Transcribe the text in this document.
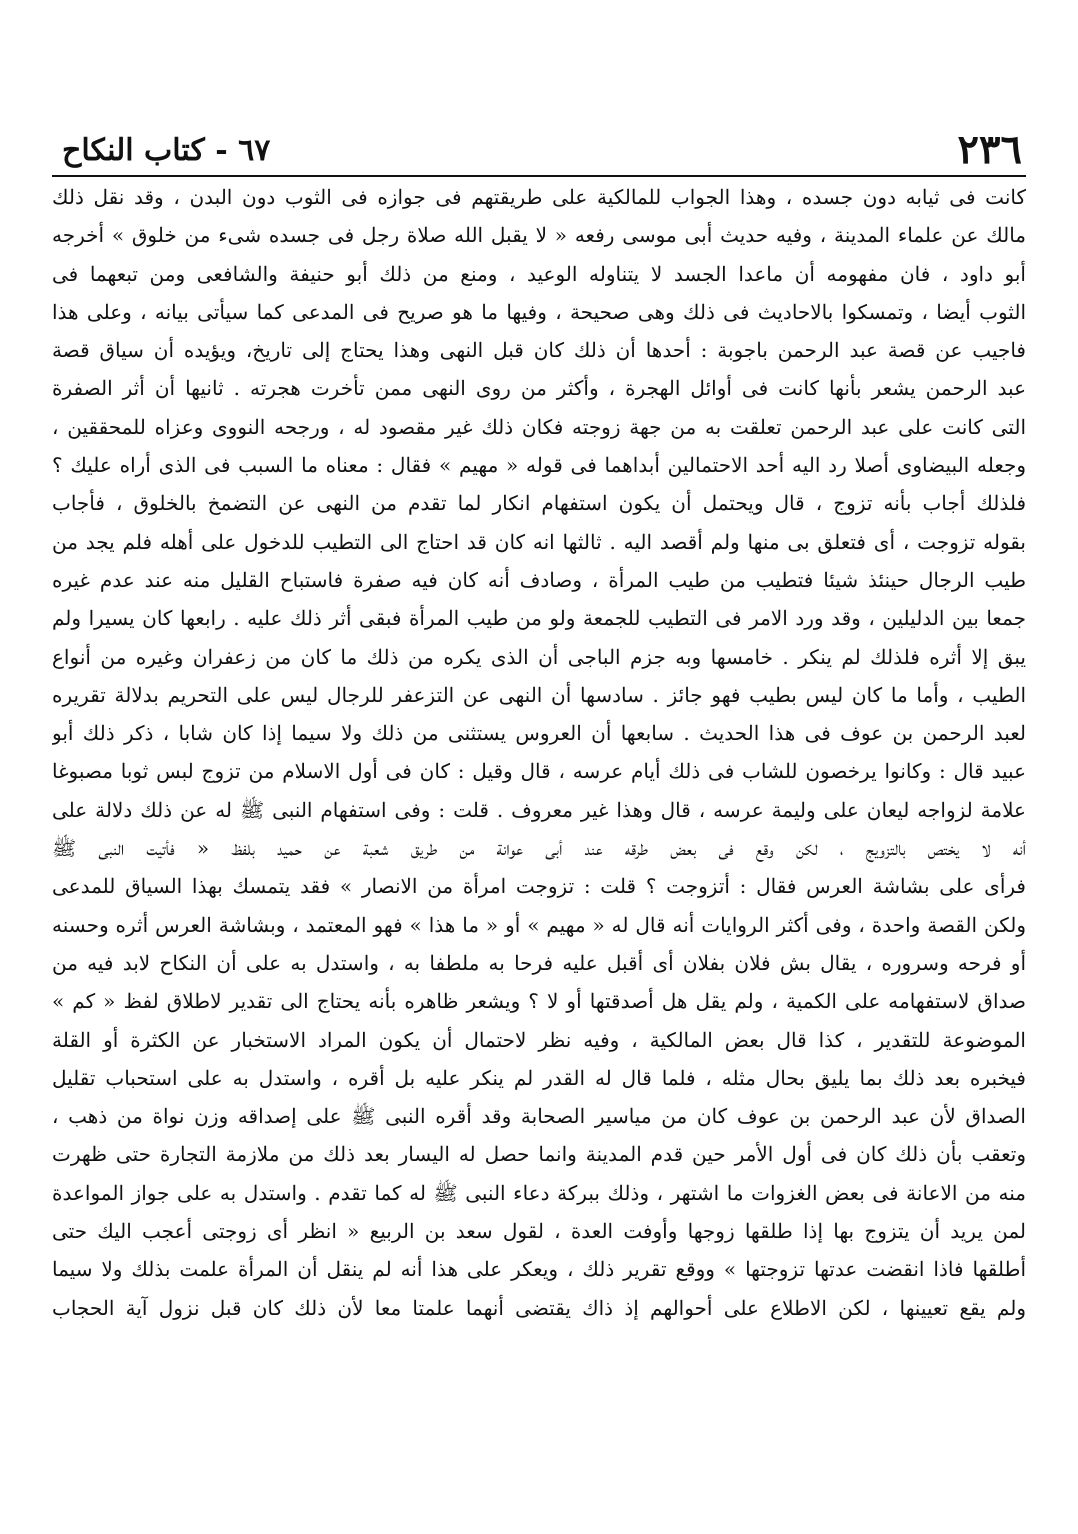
٢٣٦
٦٧ - كتاب النكاح
كانت فى ثيابه دون جسده ، وهذا الجواب للمالكية على طريقتهم فى جوازه فى الثوب دون البدن ، وقد نقل ذلك
مالك عن علماء المدينة ، وفيه حديث أبى موسى رفعه « لا يقبل الله صلاة رجل فى جسده شىء من خلوق » أخرجه
أبو داود ، فان مفهومه أن ماعدا الجسد لا يتناوله الوعيد ، ومنع من ذلك أبو حنيفة والشافعى ومن تبعهما فى
الثوب أيضا ، وتمسكوا بالاحاديث فى ذلك وهى صحيحة ، وفيها ما هو صريح فى المدعى كما سيأتى بيانه ، وعلى هذا
فاجيب عن قصة عبد الرحمن باجوبة : أحدها أن ذلك كان قبل النهى وهذا يحتاج إلى تاريخ، ويؤيده أن سياق قصة
عبد الرحمن يشعر بأنها كانت فى أوائل الهجرة ، وأكثر من روى النهى ممن تأخرت هجرته . ثانيها أن أثر الصفرة
التى كانت على عبد الرحمن تعلقت به من جهة زوجته فكان ذلك غير مقصود له ، ورجحه النووى وعزاه للمحققين ،
وجعله البيضاوى أصلا رد اليه أحد الاحتمالين أبداهما فى قوله « مهيم » فقال : معناه ما السبب فى الذى أراه عليك ؟
فلذلك أجاب بأنه تزوج ، قال ويحتمل أن يكون استفهام انكار لما تقدم من النهى عن التضمخ بالخلوق ، فأجاب
بقوله تزوجت ، أى فتعلق بى منها ولم أقصد اليه . ثالثها انه كان قد احتاج الى التطيب للدخول على أهله فلم يجد من
طيب الرجال حينئذ شيئا فتطيب من طيب المرأة ، وصادف أنه كان فيه صفرة فاستباح القليل منه عند عدم غيره
جمعا بين الدليلين ، وقد ورد الامر فى التطيب للجمعة ولو من طيب المرأة فبقى أثر ذلك عليه . رابعها كان يسيرا ولم
يبق إلا أثره فلذلك لم ينكر . خامسها وبه جزم الباجى أن الذى يكره من ذلك ما كان من زعفران وغيره من أنواع
الطيب ، وأما ما كان ليس بطيب فهو جائز . سادسها أن النهى عن التزعفر للرجال ليس على التحريم بدلالة تقريره
لعبد الرحمن بن عوف فى هذا الحديث . سابعها أن العروس يستثنى من ذلك ولا سيما إذا كان شابا ، ذكر ذلك أبو
عبيد قال : وكانوا يرخصون للشاب فى ذلك أيام عرسه ، قال وقيل : كان فى أول الاسلام من تزوج لبس ثوبا مصبوغا
علامة لزواجه ليعان على وليمة عرسه ، قال وهذا غير معروف . قلت : وفى استفهام النبى ﷺ له عن ذلك دلالة على
أنه لا يختص بالتزويج ، لكن وقع فى بعض طرقه عند أبى عوانة من طريق شعبة عن حميد بلفظ « فأتيت النبى ﷺ
فرأى على بشاشة العرس فقال : أتزوجت ؟ قلت : تزوجت امرأة من الانصار » فقد يتمسك بهذا السياق للمدعى
ولكن القصة واحدة ، وفى أكثر الروايات أنه قال له « مهيم » أو « ما هذا » فهو المعتمد ، وبشاشة العرس أثره وحسنه
أو فرحه وسروره ، يقال بش فلان بفلان أى أقبل عليه فرحا به ملطفا به ، واستدل به على أن النكاح لابد فيه من
صداق لاستفهامه على الكمية ، ولم يقل هل أصدقتها أو لا ؟ ويشعر ظاهره بأنه يحتاج الى تقدير لاطلاق لفظ « كم »
الموضوعة للتقدير ، كذا قال بعض المالكية ، وفيه نظر لاحتمال أن يكون المراد الاستخبار عن الكثرة أو القلة
فيخبره بعد ذلك بما يليق بحال مثله ، فلما قال له القدر لم ينكر عليه بل أقره ، واستدل به على استحباب تقليل
الصداق لأن عبد الرحمن بن عوف كان من مياسير الصحابة وقد أقره النبى ﷺ على إصداقه وزن نواة من ذهب ،
وتعقب بأن ذلك كان فى أول الأمر حين قدم المدينة وانما حصل له اليسار بعد ذلك من ملازمة التجارة حتى ظهرت
منه من الاعانة فى بعض الغزوات ما اشتهر ، وذلك ببركة دعاء النبى ﷺ له كما تقدم . واستدل به على جواز المواعدة
لمن يريد أن يتزوج بها إذا طلقها زوجها وأوفت العدة ، لقول سعد بن الربيع « انظر أى زوجتى أعجب اليك حتى
أطلقها فاذا انقضت عدتها تزوجتها » ووقع تقرير ذلك ، ويعكر على هذا أنه لم ينقل أن المرأة علمت بذلك ولا سيما
ولم يقع تعيينها ، لكن الاطلاع على أحوالهم إذ ذاك يقتضى أنهما علمتا معا لأن ذلك كان قبل نزول آية الحجاب
